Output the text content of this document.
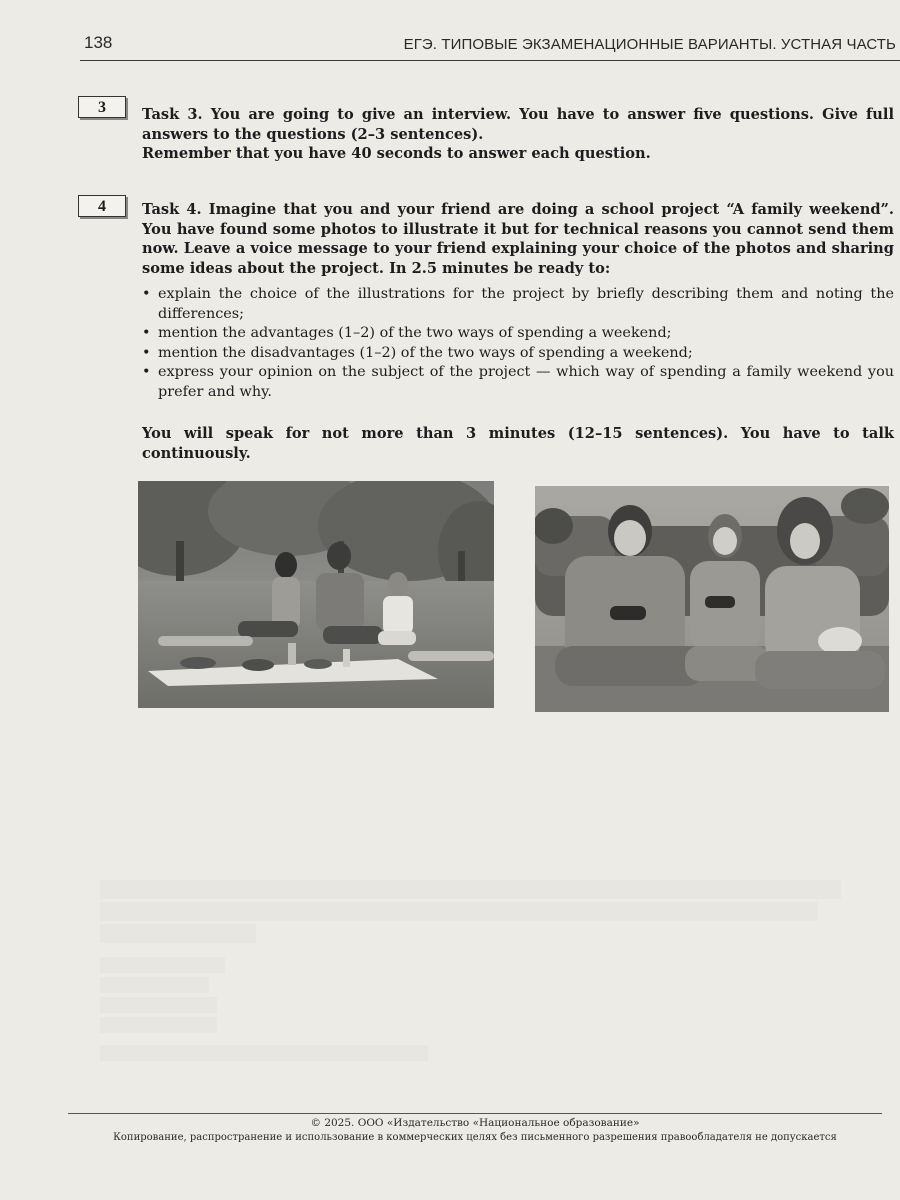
138	ЕГЭ. ТИПОВЫЕ ЭКЗАМЕНАЦИОННЫЕ ВАРИАНТЫ. УСТНАЯ ЧАСТЬ
3	Task 3. You are going to give an interview. You have to answer five questions. Give full answers to the questions (2–3 sentences).

Remember that you have 40 seconds to answer each question.

4	Task 4. Imagine that you and your friend are doing a school project “A family weekend”. You have found some photos to illustrate it but for technical reasons you cannot send them now. Leave a voice message to your friend explaining your choice of the photos and sharing some ideas about the project. In 2.5 minutes be ready to:
• explain the choice of the illustrations for the project by briefly describing them and noting the differences;
• mention the advantages (1–2) of the two ways of spending a weekend;
• mention the disadvantages (1–2) of the two ways of spending a weekend;
• express your opinion on the subject of the project — which way of spending a family weekend you prefer and why.
You will speak for not more than 3 minutes (12–15 sentences). You have to talk continuously.
© 2025. ООО «Издательство «Национальное образование»
Копирование, распространение и использование в коммерческих целях без письменного разрешения правообладателя не допускается
